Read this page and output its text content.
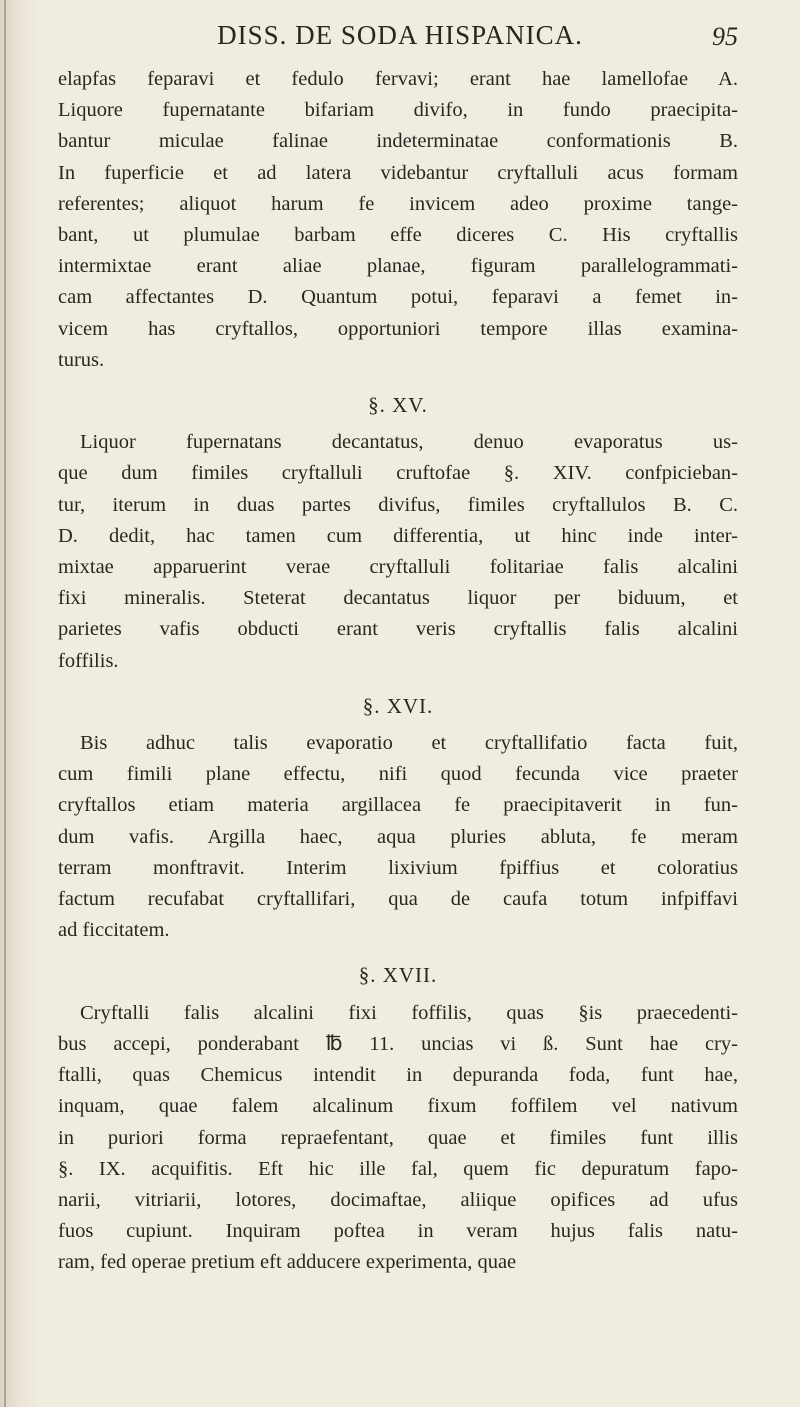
DISS. DE SODA HISPANICA.	95
elapfas feparavi et fedulo fervavi; erant hae lamellofae A.
Liquore fupernatante bifariam divifo, in fundo praecipita-
bantur miculae falinae indeterminatae conformationis B.
In fuperficie et ad latera videbantur cryftalluli acus formam
referentes; aliquot harum fe invicem adeo proxime tange-
bant, ut plumulae barbam effe diceres C. His cryftallis
intermixtae erant aliae planae, figuram parallelogrammati-
cam affectantes D. Quantum potui, feparavi a femet in-
vicem has cryftallos, opportuniori tempore illas examina-
turus.
§. XV.
Liquor fupernatans decantatus, denuo evaporatus us-
que dum fimiles cryftalluli cruftofae §. XIV. confpicieban-
tur, iterum in duas partes divifus, fimiles cryftallulos B. C.
D. dedit, hac tamen cum differentia, ut hinc inde inter-
mixtae apparuerint verae cryftalluli folitariae falis alcalini
fixi mineralis. Steterat decantatus liquor per biduum, et
parietes vafis obducti erant veris cryftallis falis alcalini
foffilis.
§. XVI.
Bis adhuc talis evaporatio et cryftallifatio facta fuit,
cum fimili plane effectu, nifi quod fecunda vice praeter
cryftallos etiam materia argillacea fe praecipitaverit in fun-
dum vafis. Argilla haec, aqua pluries abluta, fe meram
terram monftravit. Interim lixivium fpiffius et coloratius
factum recufabat cryftallifari, qua de caufa totum infpiffavi
ad ficcitatem.
§. XVII.
Cryftalli falis alcalini fixi foffilis, quas §is praecedenti-
bus accepi, ponderabant ℔ 11. uncias vi ß. Sunt hae cry-
ftalli, quas Chemicus intendit in depuranda foda, funt hae,
inquam, quae falem alcalinum fixum foffilem vel nativum
in puriori forma repraefentant, quae et fimiles funt illis
§. IX. acquifitis. Eft hic ille fal, quem fic depuratum fapo-
narii, vitriarii, lotores, docimaftae, aliique opifices ad ufus
fuos cupiunt. Inquiram poftea in veram hujus falis natu-
ram, fed operae pretium eft adducere experimenta, quae
